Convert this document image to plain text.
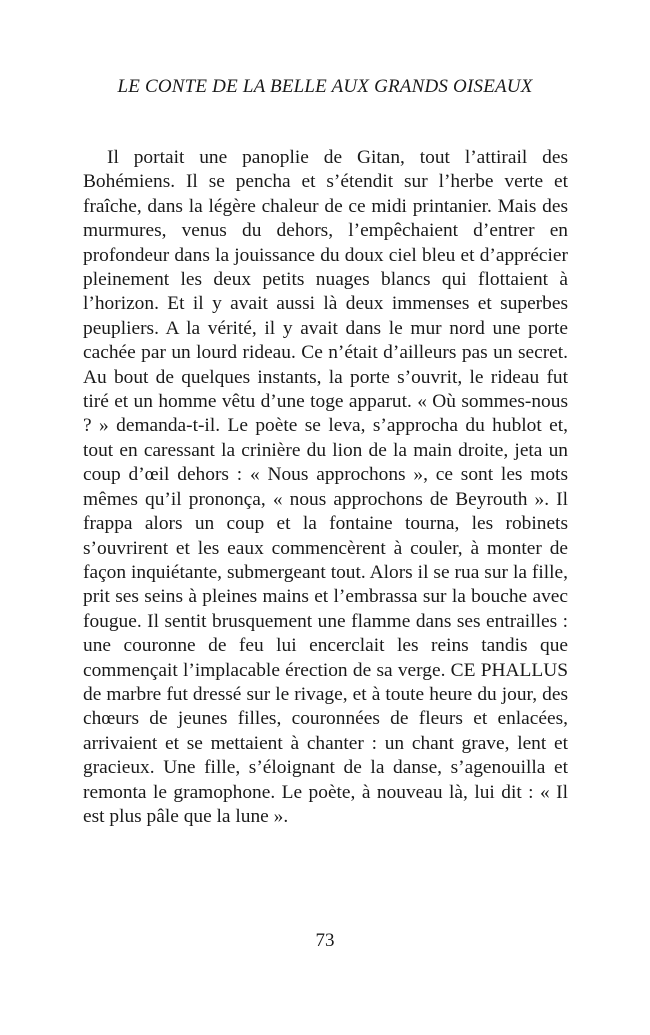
LE CONTE DE LA BELLE AUX GRANDS OISEAUX

Il portait une panoplie de Gitan, tout l’attirail des Bohémiens. Il se pencha et s’étendit sur l’herbe verte et fraîche, dans la légère chaleur de ce midi printanier. Mais des murmures, venus du dehors, l’empêchaient d’entrer en profondeur dans la jouissance du doux ciel bleu et d’apprécier pleinement les deux petits nuages blancs qui flottaient à l’horizon. Et il y avait aussi là deux immenses et superbes peupliers. A la vérité, il y avait dans le mur nord une porte cachée par un lourd rideau. Ce n’était d’ailleurs pas un secret. Au bout de quelques instants, la porte s’ouvrit, le rideau fut tiré et un homme vêtu d’une toge apparut. « Où sommes-nous ? » demanda-t-il. Le poète se leva, s’approcha du hublot et, tout en caressant la crinière du lion de la main droite, jeta un coup d’œil dehors : « Nous approchons », ce sont les mots mêmes qu’il prononça, « nous approchons de Beyrouth ». Il frappa alors un coup et la fontaine tourna, les robinets s’ouvrirent et les eaux commencèrent à couler, à monter de façon inquiétante, submergeant tout. Alors il se rua sur la fille, prit ses seins à pleines mains et l’embrassa sur la bouche avec fougue. Il sentit brusquement une flamme dans ses entrailles : une couronne de feu lui encerclait les reins tandis que commençait l’implacable érection de sa verge. CE PHALLUS de marbre fut dressé sur le rivage, et à toute heure du jour, des chœurs de jeunes filles, couronnées de fleurs et enlacées, arrivaient et se mettaient à chanter : un chant grave, lent et gracieux. Une fille, s’éloignant de la danse, s’agenouilla et remonta le gramophone. Le poète, à nouveau là, lui dit : « Il est plus pâle que la lune ».

73
